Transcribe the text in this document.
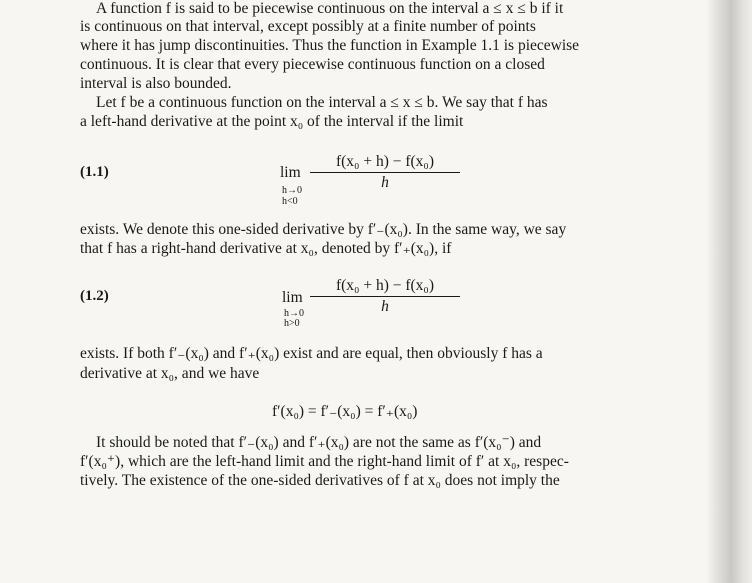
A function f is said to be piecewise continuous on the interval a ≤ x ≤ b if it
is continuous on that interval, except possibly at a finite number of points
where it has jump discontinuities. Thus the function in Example 1.1 is piecewise
continuous. It is clear that every piecewise continuous function on a closed
interval is also bounded.
Let f be a continuous function on the interval a ≤ x ≤ b. We say that f has
a left-hand derivative at the point x₀ of the interval if the limit
(1.1)	lim
h→0
h<0
$\frac{\text{f(x₀ + h) − f(x₀)}}{h}$
exists. We denote this one-sided derivative by f′₋(x₀). In the same way, we say
that f has a right-hand derivative at x₀, denoted by f′₊(x₀), if
(1.2)	lim
h→0
h>0
$\frac{\text{f(x₀ + h) − f(x₀)}}{h}$
exists. If both f′₋(x₀) and f′₊(x₀) exist and are equal, then obviously f has a
derivative at x₀, and we have
f′(x₀) = f′₋(x₀) = f′₊(x₀)
It should be noted that f′₋(x₀) and f′₊(x₀) are not the same as f′(x₀⁻) and
f′(x₀⁺), which are the left-hand limit and the right-hand limit of f′ at x₀, respec-
tively. The existence of the one-sided derivatives of f at x₀ does not imply the
